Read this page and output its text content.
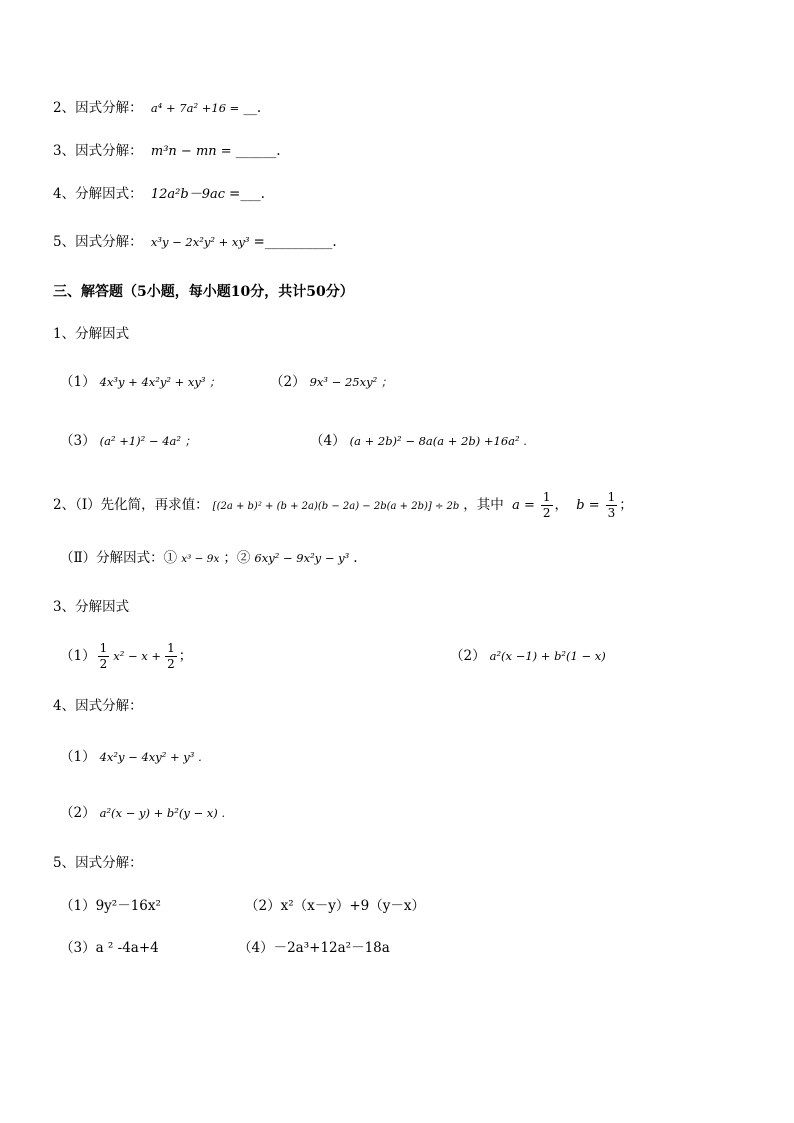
2、因式分解： a⁴ + 7a² +16 = __.
3、因式分解： m³n − mn = ______.
4、分解因式： 12a²b－9ac =___.
5、因式分解： x³y − 2x²y² + xy³ =__________.
三、解答题（5小题，每小题10分，共计50分）
1、分解因式
（1） 4x³y + 4x²y² + xy³ ；	（2） 9x³ − 25xy² ；
（3） (a² +1)² − 4a² ；	（4） (a + 2b)² − 8a(a + 2b) +16a² .
2、（Ⅰ）先化简，再求值： [(2a + b)² + (b + 2a)(b − 2a) − 2b(a + 2b)] ÷ 2b ，其中 $a = \frac{1}{2}$ ， $b = \frac{1}{3}$ ；
（Ⅱ）分解因式：① x³ − 9x ；② 6xy² − 9x²y − y³ .
3、分解因式
$(1) \frac{1}{2} x^2 - x + \frac{1}{2}$ ；	（2） a²(x −1) + b²(1 − x)
4、因式分解：
（1） 4x²y − 4xy² + y³ .
（2） a²(x − y) + b²(y − x) .
5、因式分解：
（1）9y²－16x²	（2）x²（x－y）+9（y－x）
（3）a ² -4a+4	（4）－2a³+12a²－18a
